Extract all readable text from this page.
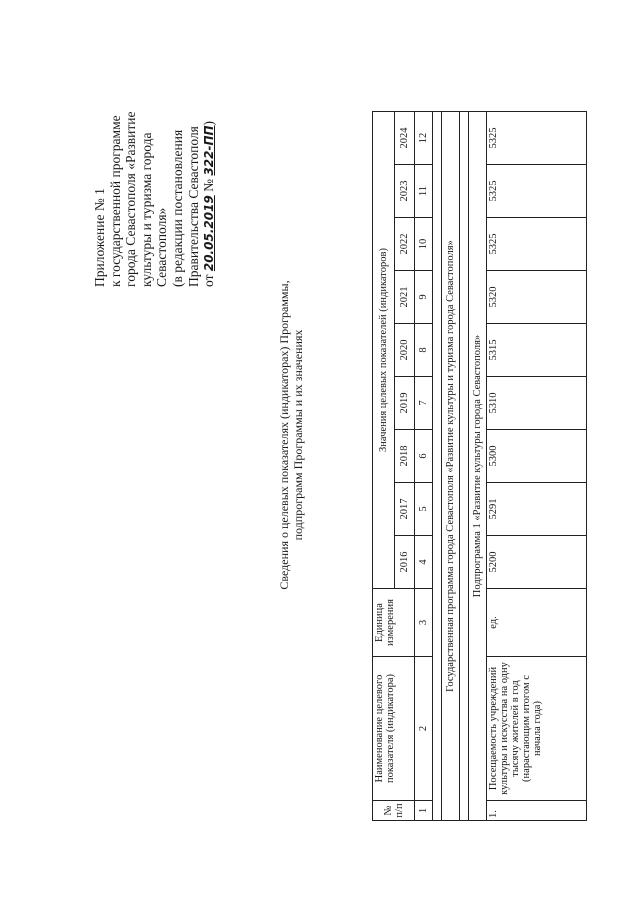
Приложение № 1 к государственной программе города Севастополя «Развитие культуры и туризма города Севастополя» (в редакции постановления Правительства Севастополя от 20.05.2019 № 322-ПП)
Сведения о целевых показателях (индикаторах) Программы, подпрограмм Программы и их значениях
№ п/п	Наименование целевого показателя (индикатора)	Единица измерения	Значения целевых показателей (индикаторов)								
			2016	2017	2018	2019	2020	2021	2022	2023	2024
1	2	3	4	5	6	7	8	9	10	11	12

Государственная программа города Севастополя «Развитие культуры и туризма города Севастополя»											

Подпрограмма 1 «Развитие культуры города Севастополя»											
1.	Посещаемость учреждений культуры и искусства на одну тысячу жителей в год (нарастающим итогом с начала года)	ед.	5200	5291	5300	5310	5315	5320	5325	5325	5325
